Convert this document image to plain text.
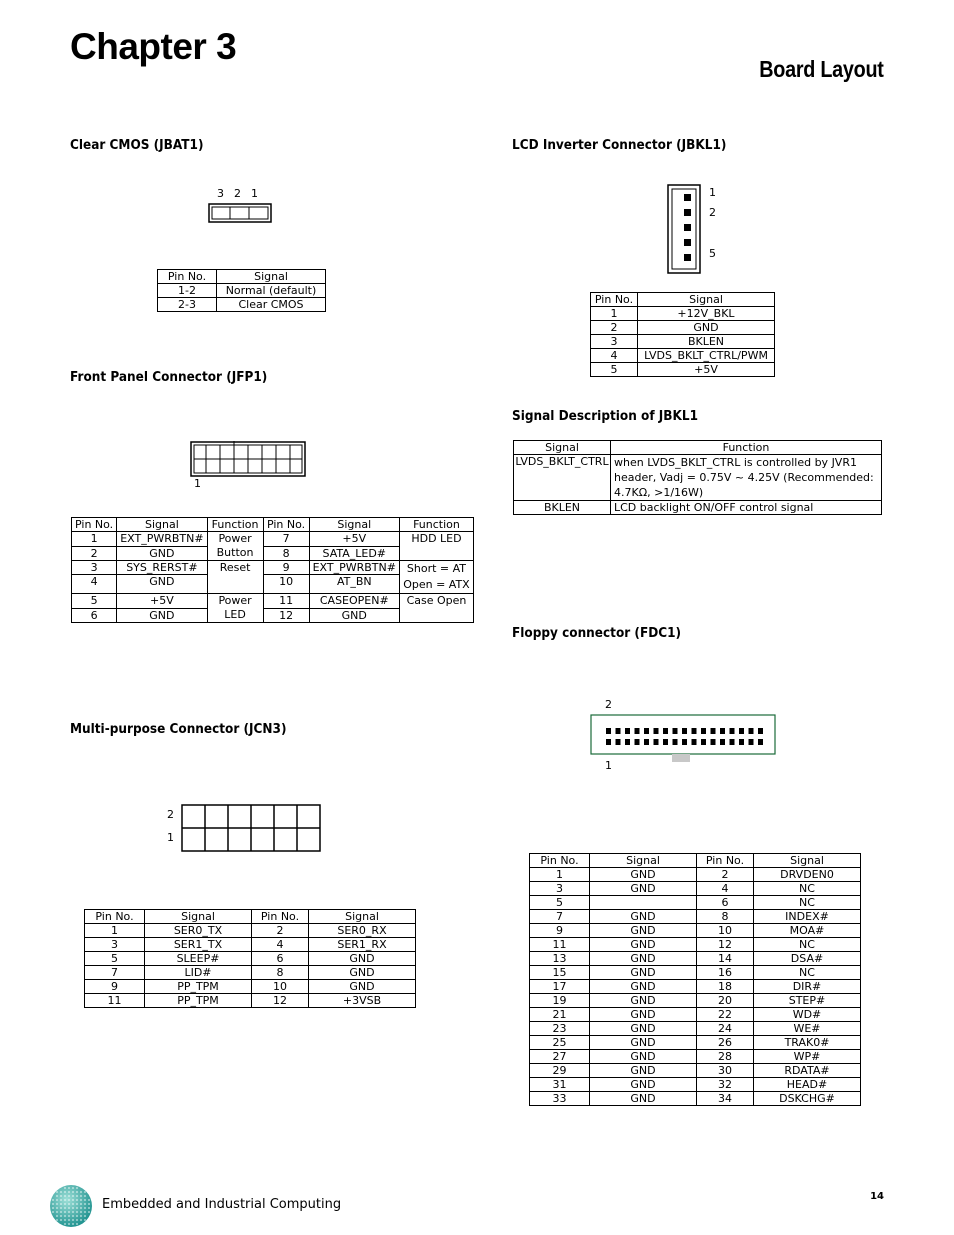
Chapter 3
Board Layout
Clear CMOS (JBAT1)
3 2 1
Pin No.	Signal
1-2	Normal (default)
2-3	Clear CMOS
Front Panel Connector (JFP1)
1
Pin No.	Signal	Function	Pin No.	Signal	Function
1	EXT_PWRBTN#	Power Button	7	+5V	HDD LED
2	GND		8	SATA_LED#	
3	SYS_RERST#	Reset	9	EXT_PWRBTN#	Short = AT
Open = ATX

4	GND		10	AT_BN	

5	+5V	Power LED	11	CASEOPEN#	Case Open
6	GND		12	GND	
Multi-purpose Connector (JCN3)
2
1
Pin No.	Signal	Pin No.	Signal
1	SER0_TX	2	SER0_RX
3	SER1_TX	4	SER1_RX
5	SLEEP#	6	GND
7	LID#	8	GND
9	PP_TPM	10	GND
11	PP_TPM	12	+3VSB
LCD Inverter Connector (JBKL1)
1
2
5
Pin No.	Signal
1	+12V_BKL
2	GND
3	BKLEN
4	LVDS_BKLT_CTRL/PWM
5	+5V
Signal Description of JBKL1
Signal	Function
LVDS_BKLT_CTRL	when LVDS_BKLT_CTRL is controlled by JVR1
header, Vadj = 0.75V ~ 4.25V (Recommended:
4.7KΩ, >1/16W)

BKLEN	LCD backlight ON/OFF control signal
Floppy connector (FDC1)
2
1
Pin No.	Signal	Pin No.	Signal
1	GND	2	DRVDEN0
3	GND	4	NC
5		6	NC
7	GND	8	INDEX#
9	GND	10	MOA#
11	GND	12	NC
13	GND	14	DSA#
15	GND	16	NC
17	GND	18	DIR#
19	GND	20	STEP#
21	GND	22	WD#
23	GND	24	WE#
25	GND	26	TRAK0#
27	GND	28	WP#
29	GND	30	RDATA#
31	GND	32	HEAD#
33	GND	34	DSKCHG#
Embedded and Industrial Computing
14
